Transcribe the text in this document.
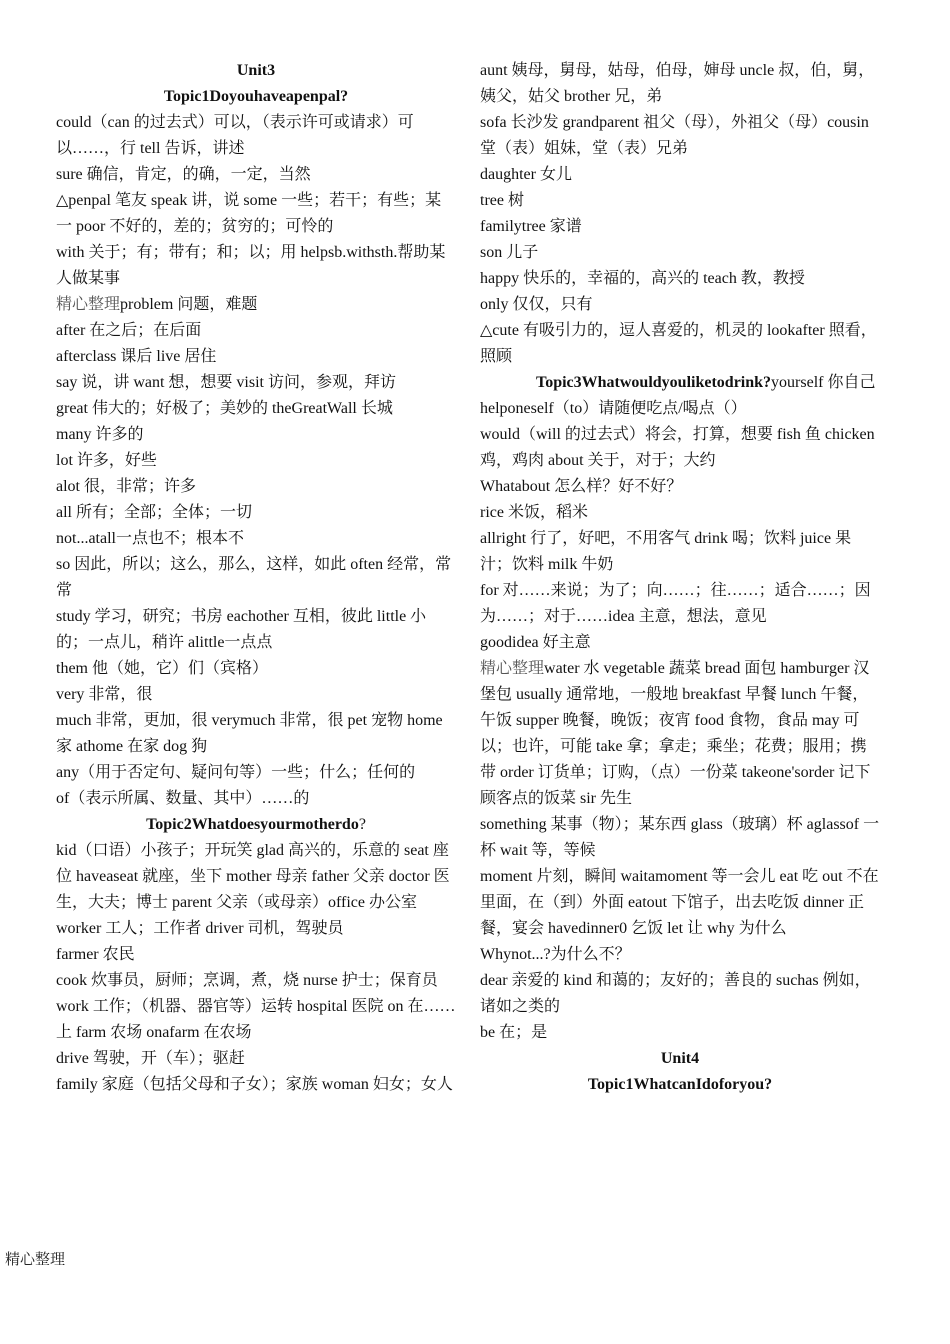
Unit3

Topic1Doyouhaveapenpal?

could（can 的过去式）可以，（表示许可或请求）可以……，行 tell 告诉，讲述

sure 确信，肯定，的确，一定，当然

△penpal 笔友 speak 讲，说 some 一些；若干；有些；某一 poor 不好的，差的；贫穷的；可怜的

with 关于；有；带有；和；以；用 helpsb.withsth.帮助某人做某事

精心整理problem 问题，难题

after 在之后；在后面

afterclass 课后 live 居住

say 说，讲 want 想，想要 visit 访问，参观，拜访

great 伟大的；好极了；美妙的 theGreatWall 长城

many 许多的

lot 许多，好些

alot 很，非常；许多

all 所有；全部；全体；一切

not...atall一点也不；根本不

so 因此，所以；这么，那么，这样，如此 often 经常，常常

study 学习，研究；书房 eachother 互相，彼此 little 小的；一点儿，稍许 alittle一点点

them 他（她，它）们（宾格）

very 非常，很

much 非常，更加，很 verymuch 非常，很 pet 宠物 home 家 athome 在家 dog 狗

any（用于否定句、疑问句等）一些；什么；任何的

of（表示所属、数量、其中）……的

Topic2Whatdoesyourmotherdo?

kid（口语）小孩子；开玩笑 glad 高兴的，乐意的 seat 座位 haveaseat 就座，坐下 mother 母亲 father 父亲 doctor 医生，大夫；博士 parent 父亲（或母亲）office 办公室 worker 工人；工作者 driver 司机，驾驶员

farmer 农民

cook 炊事员，厨师；烹调，煮，烧 nurse 护士；保育员

work 工作；（机器、器官等）运转 hospital 医院 on 在……上 farm 农场 onafarm 在农场

drive 驾驶，开（车）；驱赶

family 家庭（包括父母和子女）；家族 woman 妇女；女人

aunt 姨母，舅母，姑母，伯母，婶母 uncle 叔，伯，舅，姨父，姑父 brother 兄，弟

sofa 长沙发 grandparent 祖父（母），外祖父（母）cousin 堂（表）姐妹，堂（表）兄弟

daughter 女儿

tree 树

familytree 家谱

son 儿子

happy 快乐的，幸福的，高兴的 teach 教，教授

only 仅仅，只有

△cute 有吸引力的，逗人喜爱的，机灵的 lookafter 照看，照顾

Topic3Whatwouldyouliketodrink?yourself 你自己

helponeself（to）请随便吃点/喝点（）

would（will 的过去式）将会，打算，想要 fish 鱼 chicken 鸡，鸡肉 about 关于，对于；大约

Whatabout 怎么样？好不好？

rice 米饭，稻米

allright 行了，好吧，不用客气 drink 喝；饮料 juice 果汁；饮料 milk 牛奶

for 对……来说；为了；向……；往……；适合……；因为……；对于……idea 主意，想法，意见

goodidea 好主意

精心整理water 水 vegetable 蔬菜 bread 面包 hamburger 汉堡包 usually 通常地，一般地 breakfast 早餐 lunch 午餐，午饭 supper 晚餐，晚饭；夜宵 food 食物，食品 may 可以；也许，可能 take 拿；拿走；乘坐；花费；服用；携带 order 订货单；订购，（点）一份菜 takeone'sorder 记下顾客点的饭菜 sir 先生

something 某事（物）；某东西 glass（玻璃）杯 aglassof 一杯 wait 等，等候

moment 片刻，瞬间 waitamoment 等一会儿 eat 吃 out 不在里面，在（到）外面 eatout 下馆子，出去吃饭 dinner 正餐，宴会 havedinner0 乞饭 let 让 why 为什么

Whynot...?为什么不？

dear 亲爱的 kind 和蔼的；友好的；善良的 suchas 例如，诸如之类的

be 在；是

Unit4

Topic1WhatcanIdoforyou?

精心整理
